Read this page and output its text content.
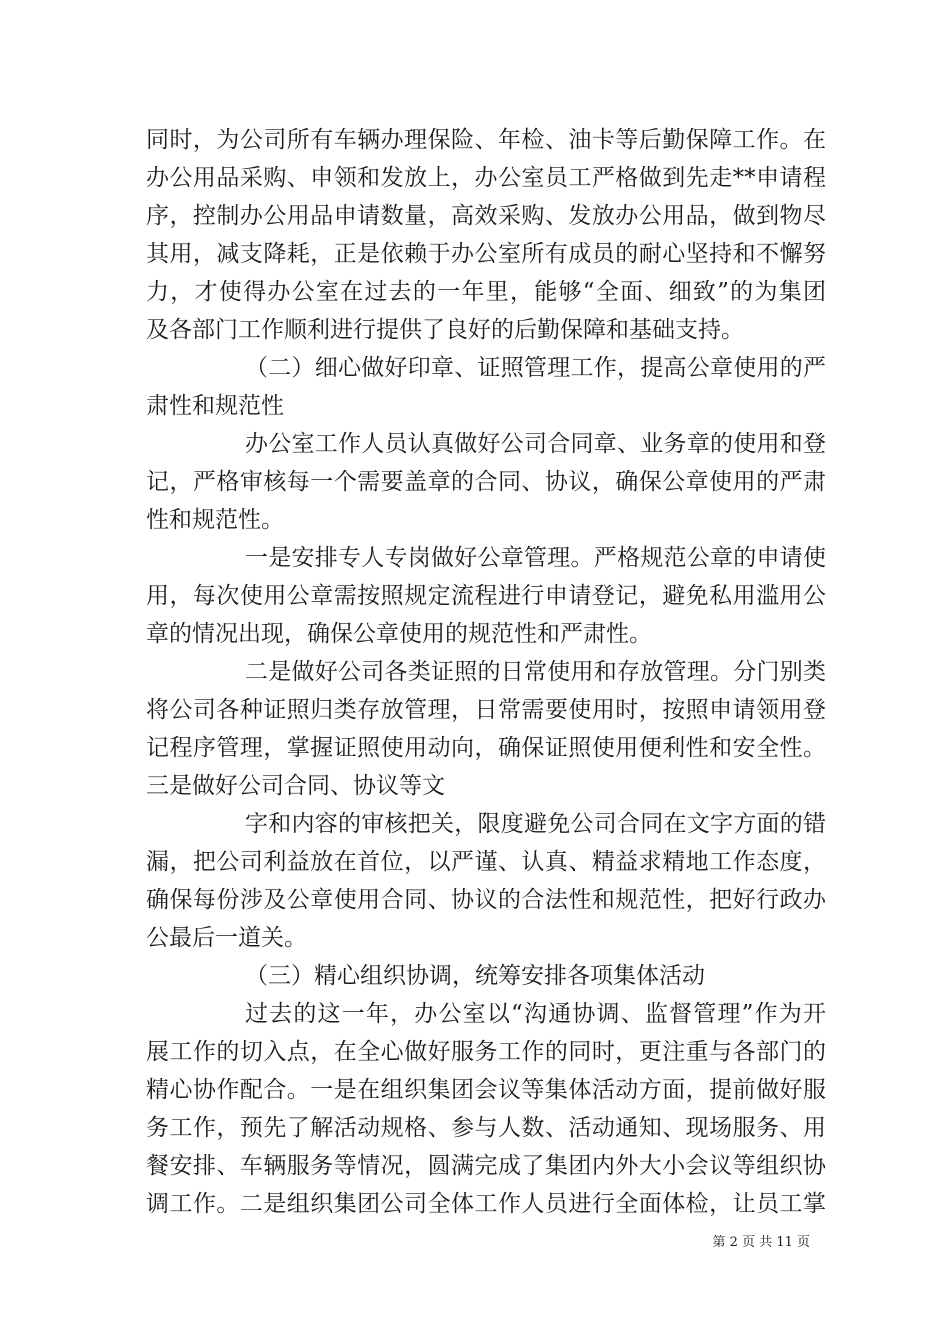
同时，为公司所有车辆办理保险、年检、油卡等后勤保障工作。在
办公用品采购、申领和发放上，办公室员工严格做到先走**申请程
序，控制办公用品申请数量，高效采购、发放办公用品，做到物尽
其用，减支降耗，正是依赖于办公室所有成员的耐心坚持和不懈努
力，才使得办公室在过去的一年里，能够“全面、细致”的为集团
及各部门工作顺利进行提供了良好的后勤保障和基础支持。
（二）细心做好印章、证照管理工作，提高公章使用的严
肃性和规范性
办公室工作人员认真做好公司合同章、业务章的使用和登
记，严格审核每一个需要盖章的合同、协议，确保公章使用的严肃
性和规范性。
一是安排专人专岗做好公章管理。严格规范公章的申请使
用，每次使用公章需按照规定流程进行申请登记，避免私用滥用公
章的情况出现，确保公章使用的规范性和严肃性。
二是做好公司各类证照的日常使用和存放管理。分门别类
将公司各种证照归类存放管理，日常需要使用时，按照申请领用登
记程序管理，掌握证照使用动向，确保证照使用便利性和安全性。
三是做好公司合同、协议等文
字和内容的审核把关，限度避免公司合同在文字方面的错
漏，把公司利益放在首位，以严谨、认真、精益求精地工作态度，
确保每份涉及公章使用合同、协议的合法性和规范性，把好行政办
公最后一道关。
（三）精心组织协调，统筹安排各项集体活动
过去的这一年，办公室以“沟通协调、监督管理”作为开
展工作的切入点，在全心做好服务工作的同时，更注重与各部门的
精心协作配合。一是在组织集团会议等集体活动方面，提前做好服
务工作，预先了解活动规格、参与人数、活动通知、现场服务、用
餐安排、车辆服务等情况，圆满完成了集团内外大小会议等组织协
调工作。二是组织集团公司全体工作人员进行全面体检，让员工掌
第 2 页 共 11 页
